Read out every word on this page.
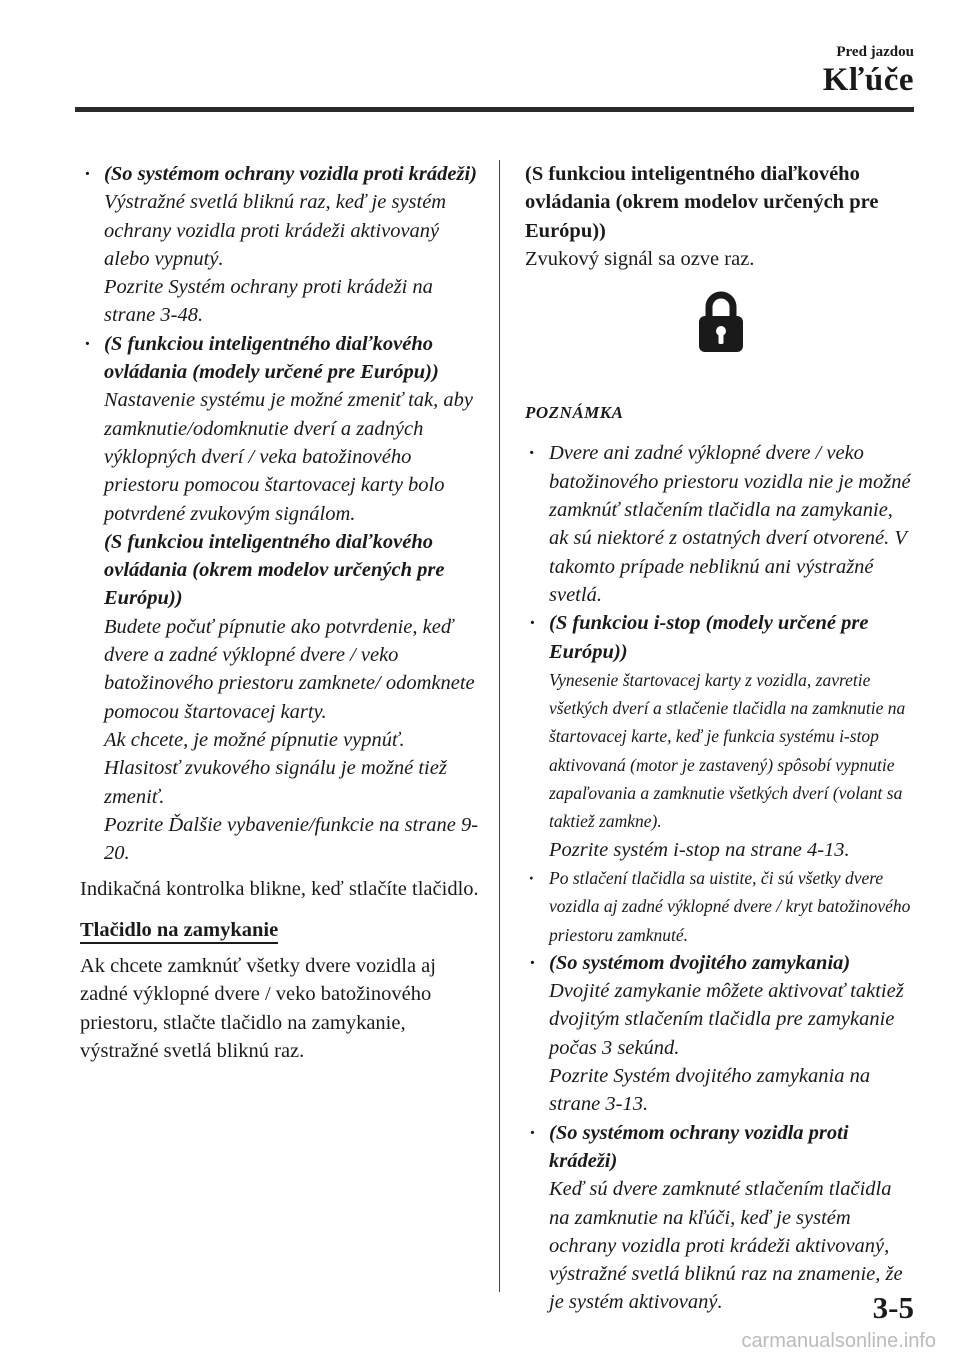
Pred jazdou
Kľúče
· (So systémom ochrany vozidla proti krádeži)
Výstražné svetlá bliknú raz, keď je systém ochrany vozidla proti krádeži aktivovaný alebo vypnutý.
Pozrite Systém ochrany proti krádeži na strane 3-48.
· (S funkciou inteligentného diaľkového ovládania (modely určené pre Európu))
Nastavenie systému je možné zmeniť tak, aby zamknutie/odomknutie dverí a zadných výklopných dverí / veka batožinového priestoru pomocou štartovacej karty bolo potvrdené zvukovým signálom.
(S funkciou inteligentného diaľkového ovládania (okrem modelov určených pre Európu))
Budete počuť pípnutie ako potvrdenie, keď dvere a zadné výklopné dvere / veko batožinového priestoru zamknete/ odomknete pomocou štartovacej karty.
Ak chcete, je možné pípnutie vypnúť.
Hlasitosť zvukového signálu je možné tiež zmeniť.
Pozrite Ďalšie vybavenie/funkcie na strane 9-20.
Indikačná kontrolka blikne, keď stlačíte tlačidlo.
Tlačidlo na zamykanie
Ak chcete zamknúť všetky dvere vozidla aj zadné výklopné dvere / veko batožinového priestoru, stlačte tlačidlo na zamykanie, výstražné svetlá bliknú raz.
(S funkciou inteligentného diaľkového ovládania (okrem modelov určených pre Európu))
Zvukový signál sa ozve raz.
POZNÁMKA
· Dvere ani zadné výklopné dvere / veko batožinového priestoru vozidla nie je možné zamknúť stlačením tlačidla na zamykanie, ak sú niektoré z ostatných dverí otvorené. V takomto prípade nebliknú ani výstražné svetlá.
· (S funkciou i-stop (modely určené pre Európu))
Vynesenie štartovacej karty z vozidla, zavretie všetkých dverí a stlačenie tlačidla na zamknutie na štartovacej karte, keď je funkcia systému i-stop aktivovaná (motor je zastavený) spôsobí vypnutie zapaľovania a zamknutie všetkých dverí (volant sa taktiež zamkne).
Pozrite systém i-stop na strane 4-13.
· Po stlačení tlačidla sa uistite, či sú všetky dvere vozidla aj zadné výklopné dvere / kryt batožinového priestoru zamknuté.
· (So systémom dvojitého zamykania)
Dvojité zamykanie môžete aktivovať taktiež dvojitým stlačením tlačidla pre zamykanie počas 3 sekúnd.
Pozrite Systém dvojitého zamykania na strane 3-13.
· (So systémom ochrany vozidla proti krádeži)
Keď sú dvere zamknuté stlačením tlačidla na zamknutie na kľúči, keď je systém ochrany vozidla proti krádeži aktivovaný, výstražné svetlá bliknú raz na znamenie, že je systém aktivovaný.	3-5
carmanualsonline.info
